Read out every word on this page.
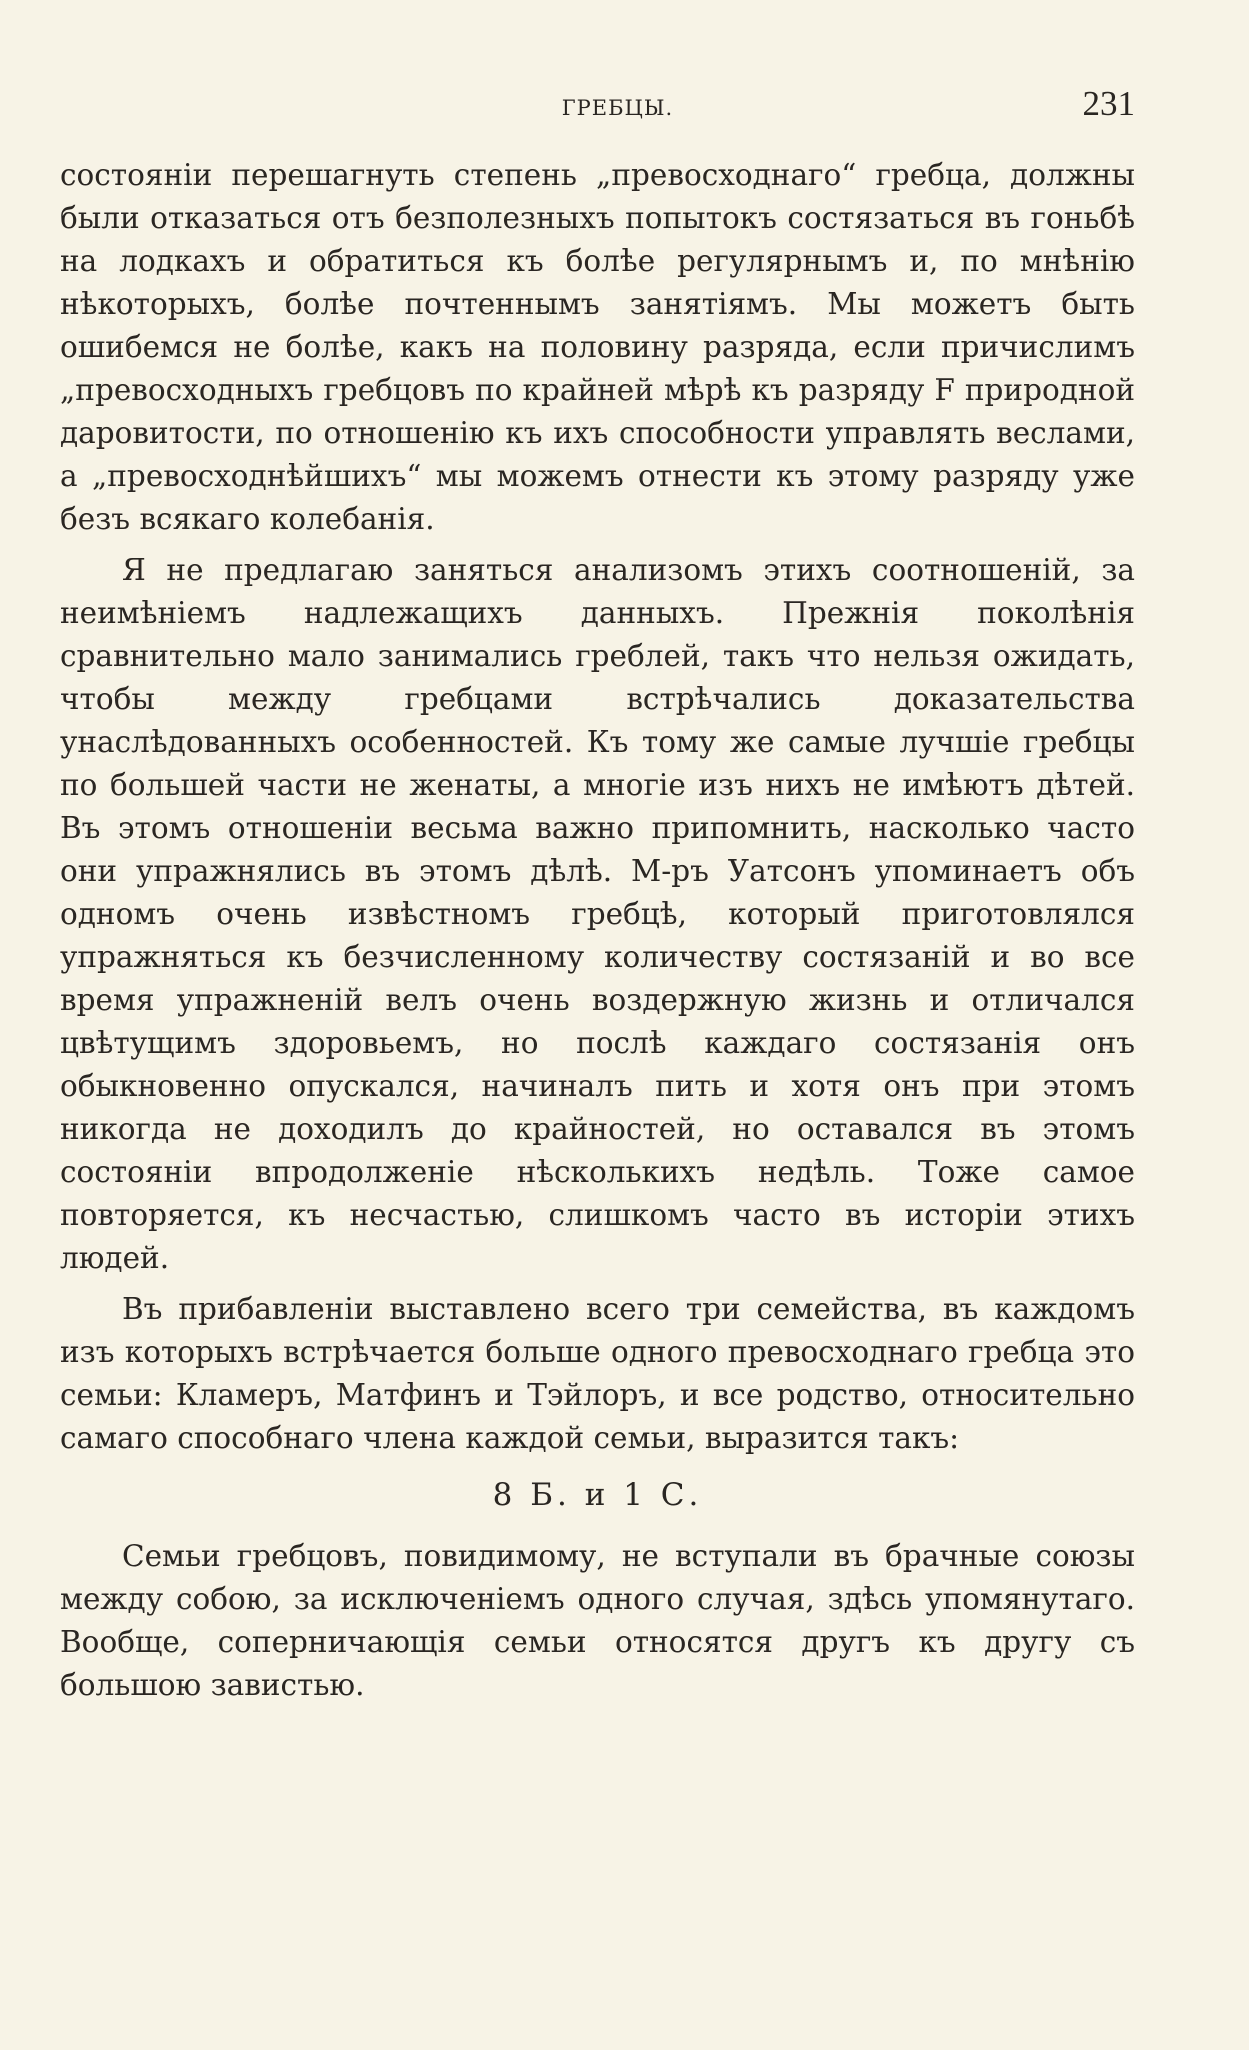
ГРЕБЦЫ.	231

состоянiи перешагнуть степень „превосходнаго“ гребца, должны были отказаться отъ безполезныхъ попытокъ состязаться въ гоньбѣ на лодкахъ и обратиться къ болѣе регулярнымъ и, по мнѣнiю нѣкоторыхъ, болѣе почтеннымъ занятiямъ. Мы можетъ быть ошибемся не болѣе, какъ на половину разряда, если причислимъ „превосходныхъ гребцовъ по крайней мѣрѣ къ разряду F природной даровитости, по отношенiю къ ихъ способности управлять веслами, а „превосходнѣйшихъ“ мы можемъ отнести къ этому разряду уже безъ всякаго колебанiя.

Я не предлагаю заняться анализомъ этихъ соотношенiй, за неимѣнiемъ надлежащихъ данныхъ. Прежнiя поколѣнiя сравнительно мало занимались греблей, такъ что нельзя ожидать, чтобы между гребцами встрѣчались доказательства унаслѣдованныхъ особенностей. Къ тому же самые лучшiе гребцы по большей части не женаты, а многiе изъ нихъ не имѣютъ дѣтей. Въ этомъ отношенiи весьма важно припомнить, насколько часто они упражнялись въ этомъ дѣлѣ. М-ръ Уатсонъ упоминаетъ объ одномъ очень извѣстномъ гребцѣ, который приготовлялся упражняться къ безчисленному количеству состязанiй и во все время упражненiй велъ очень воздержную жизнь и отличался цвѣтущимъ здоровьемъ, но послѣ каждаго состязанiя онъ обыкновенно опускался, начиналъ пить и хотя онъ при этомъ никогда не доходилъ до крайностей, но оставался въ этомъ состоянiи впродолженiе нѣсколькихъ недѣль. Тоже самое повторяется, къ несчастью, слишкомъ часто въ исторiи этихъ людей.

Въ прибавленiи выставлено всего три семейства, въ каждомъ изъ которыхъ встрѣчается больше одного превосходнаго гребца это семьи: Кламеръ, Матфинъ и Тэйлоръ, и все родство, относительно самаго способнаго члена каждой семьи, выразится такъ:

8 Б. и 1 С.

Семьи гребцовъ, повидимому, не вступали въ брачные союзы между собою, за исключенiемъ одного случая, здѣсь упомянутаго. Вообще, соперничающiя семьи относятся другъ къ другу съ большою завистью.
